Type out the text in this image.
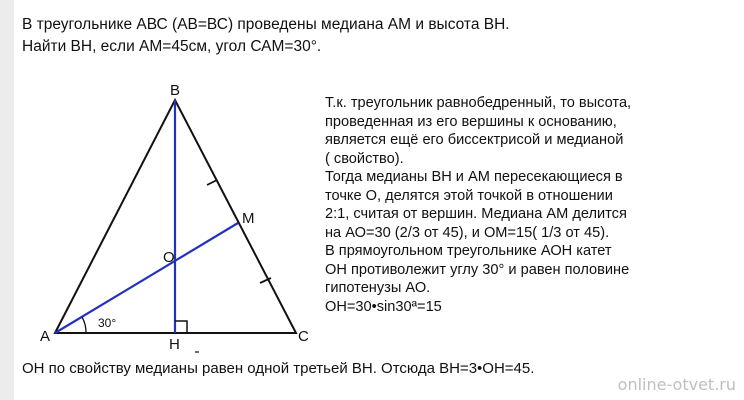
В треугольнике АВС (АВ=ВС) проведены медиана АМ и высота ВН.
Найти ВН, если АМ=45см, угол САМ=30°.
B
M
O
A	C
H
30°
Т.к. треугольник равнобедренный, то высота,
проведенная из его вершины к основанию,
является ещё его биссектрисой и медианой
( свойство).
Тогда медианы ВН и АМ пересекающиеся в
точке О, делятся этой точкой в отношении
2:1, считая от вершин. Медиана АМ делится
на АО=30 (2/3 от 45), и ОМ=15( 1/3 от 45).
В прямоугольном треугольнике АОН катет
ОН противолежит углу 30° и равен половине
гипотенузы АО.
ОН=30•sin30ª=15
ОН по свойству медианы равен одной третьей ВН. Отсюда ВН=3•ОН=45.
online-otvet.ru
